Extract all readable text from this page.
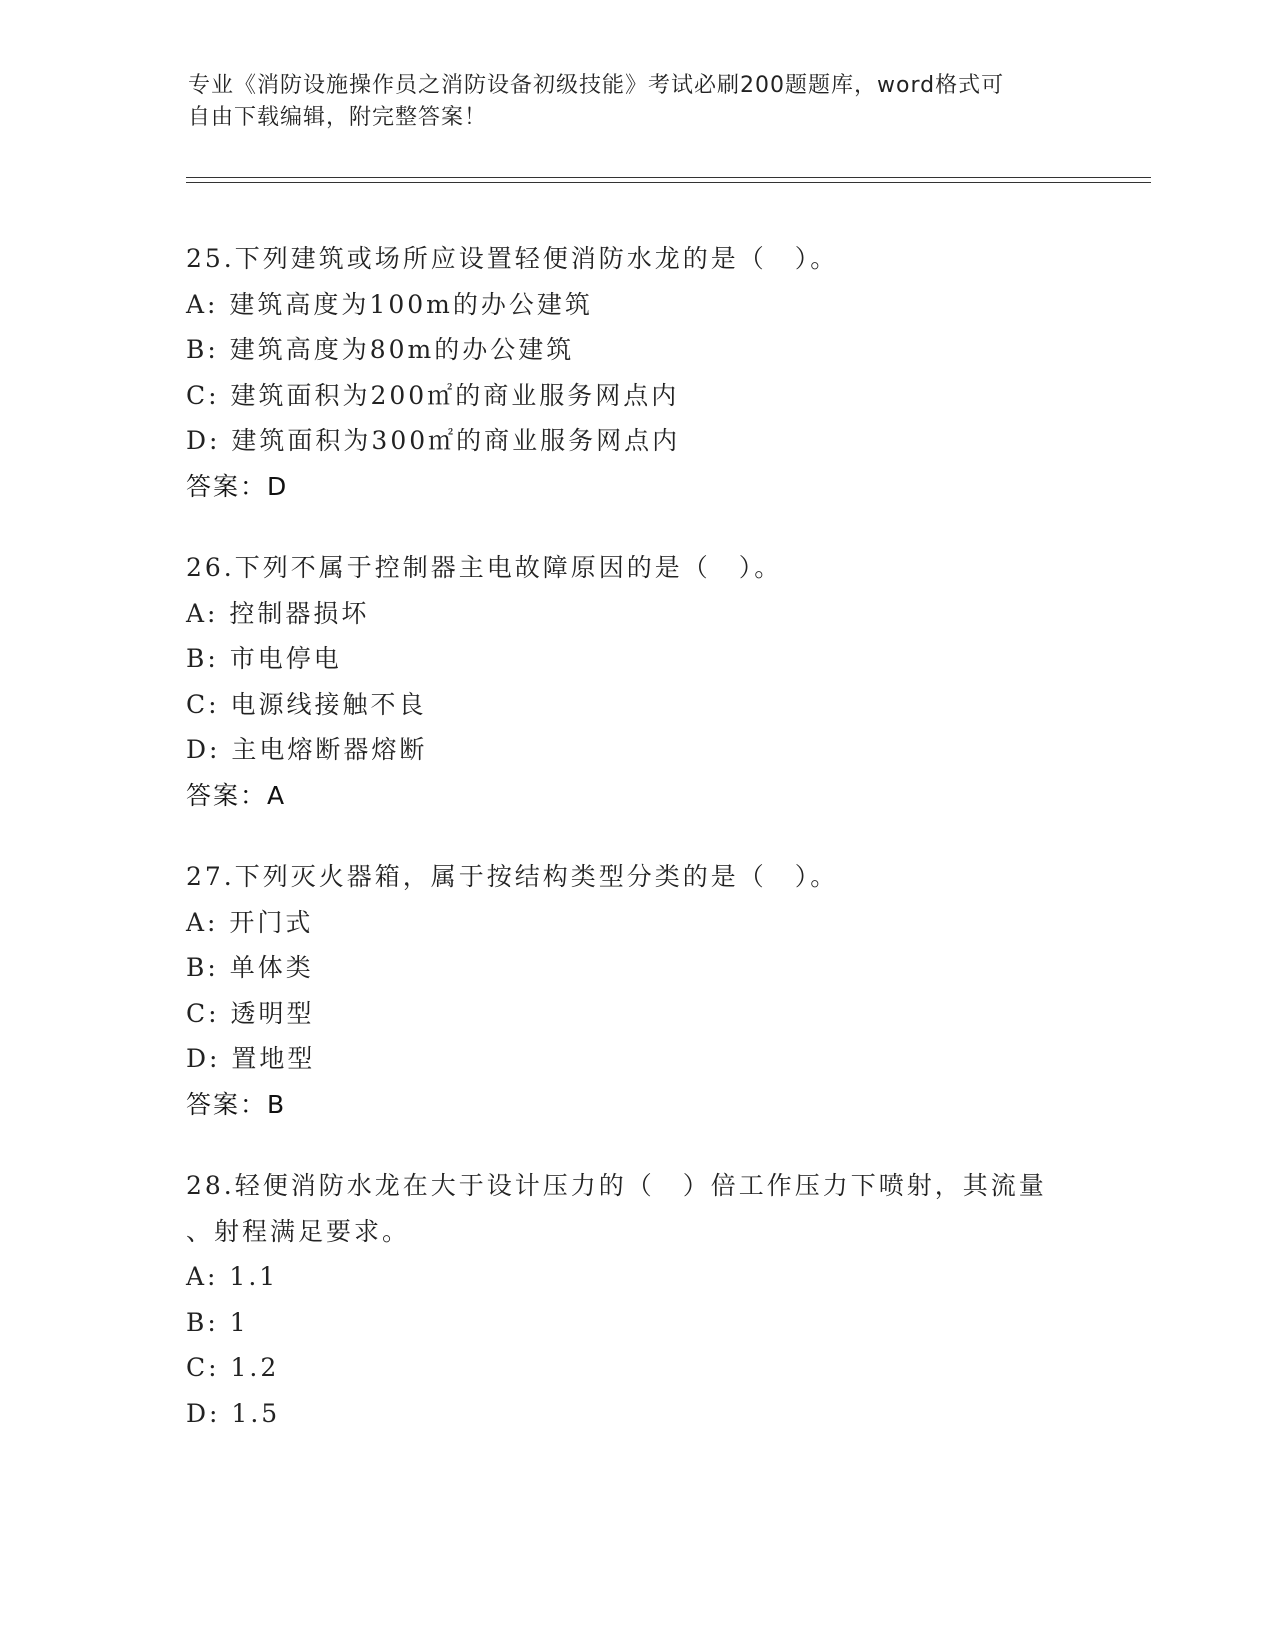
专业《消防设施操作员之消防设备初级技能》考试必刷200题题库，word格式可
自由下载编辑，附完整答案！
25.下列建筑或场所应设置轻便消防水龙的是（　）。
A: 建筑高度为100m的办公建筑
B: 建筑高度为80m的办公建筑
C: 建筑面积为200㎡的商业服务网点内
D: 建筑面积为300㎡的商业服务网点内
答案：D
26.下列不属于控制器主电故障原因的是（　）。
A: 控制器损坏
B: 市电停电
C: 电源线接触不良
D: 主电熔断器熔断
答案：A
27.下列灭火器箱，属于按结构类型分类的是（　）。
A: 开门式
B: 单体类
C: 透明型
D: 置地型
答案：B
28.轻便消防水龙在大于设计压力的（　）倍工作压力下喷射，其流量
、射程满足要求。
A: 1.1
B: 1
C: 1.2
D: 1.5
